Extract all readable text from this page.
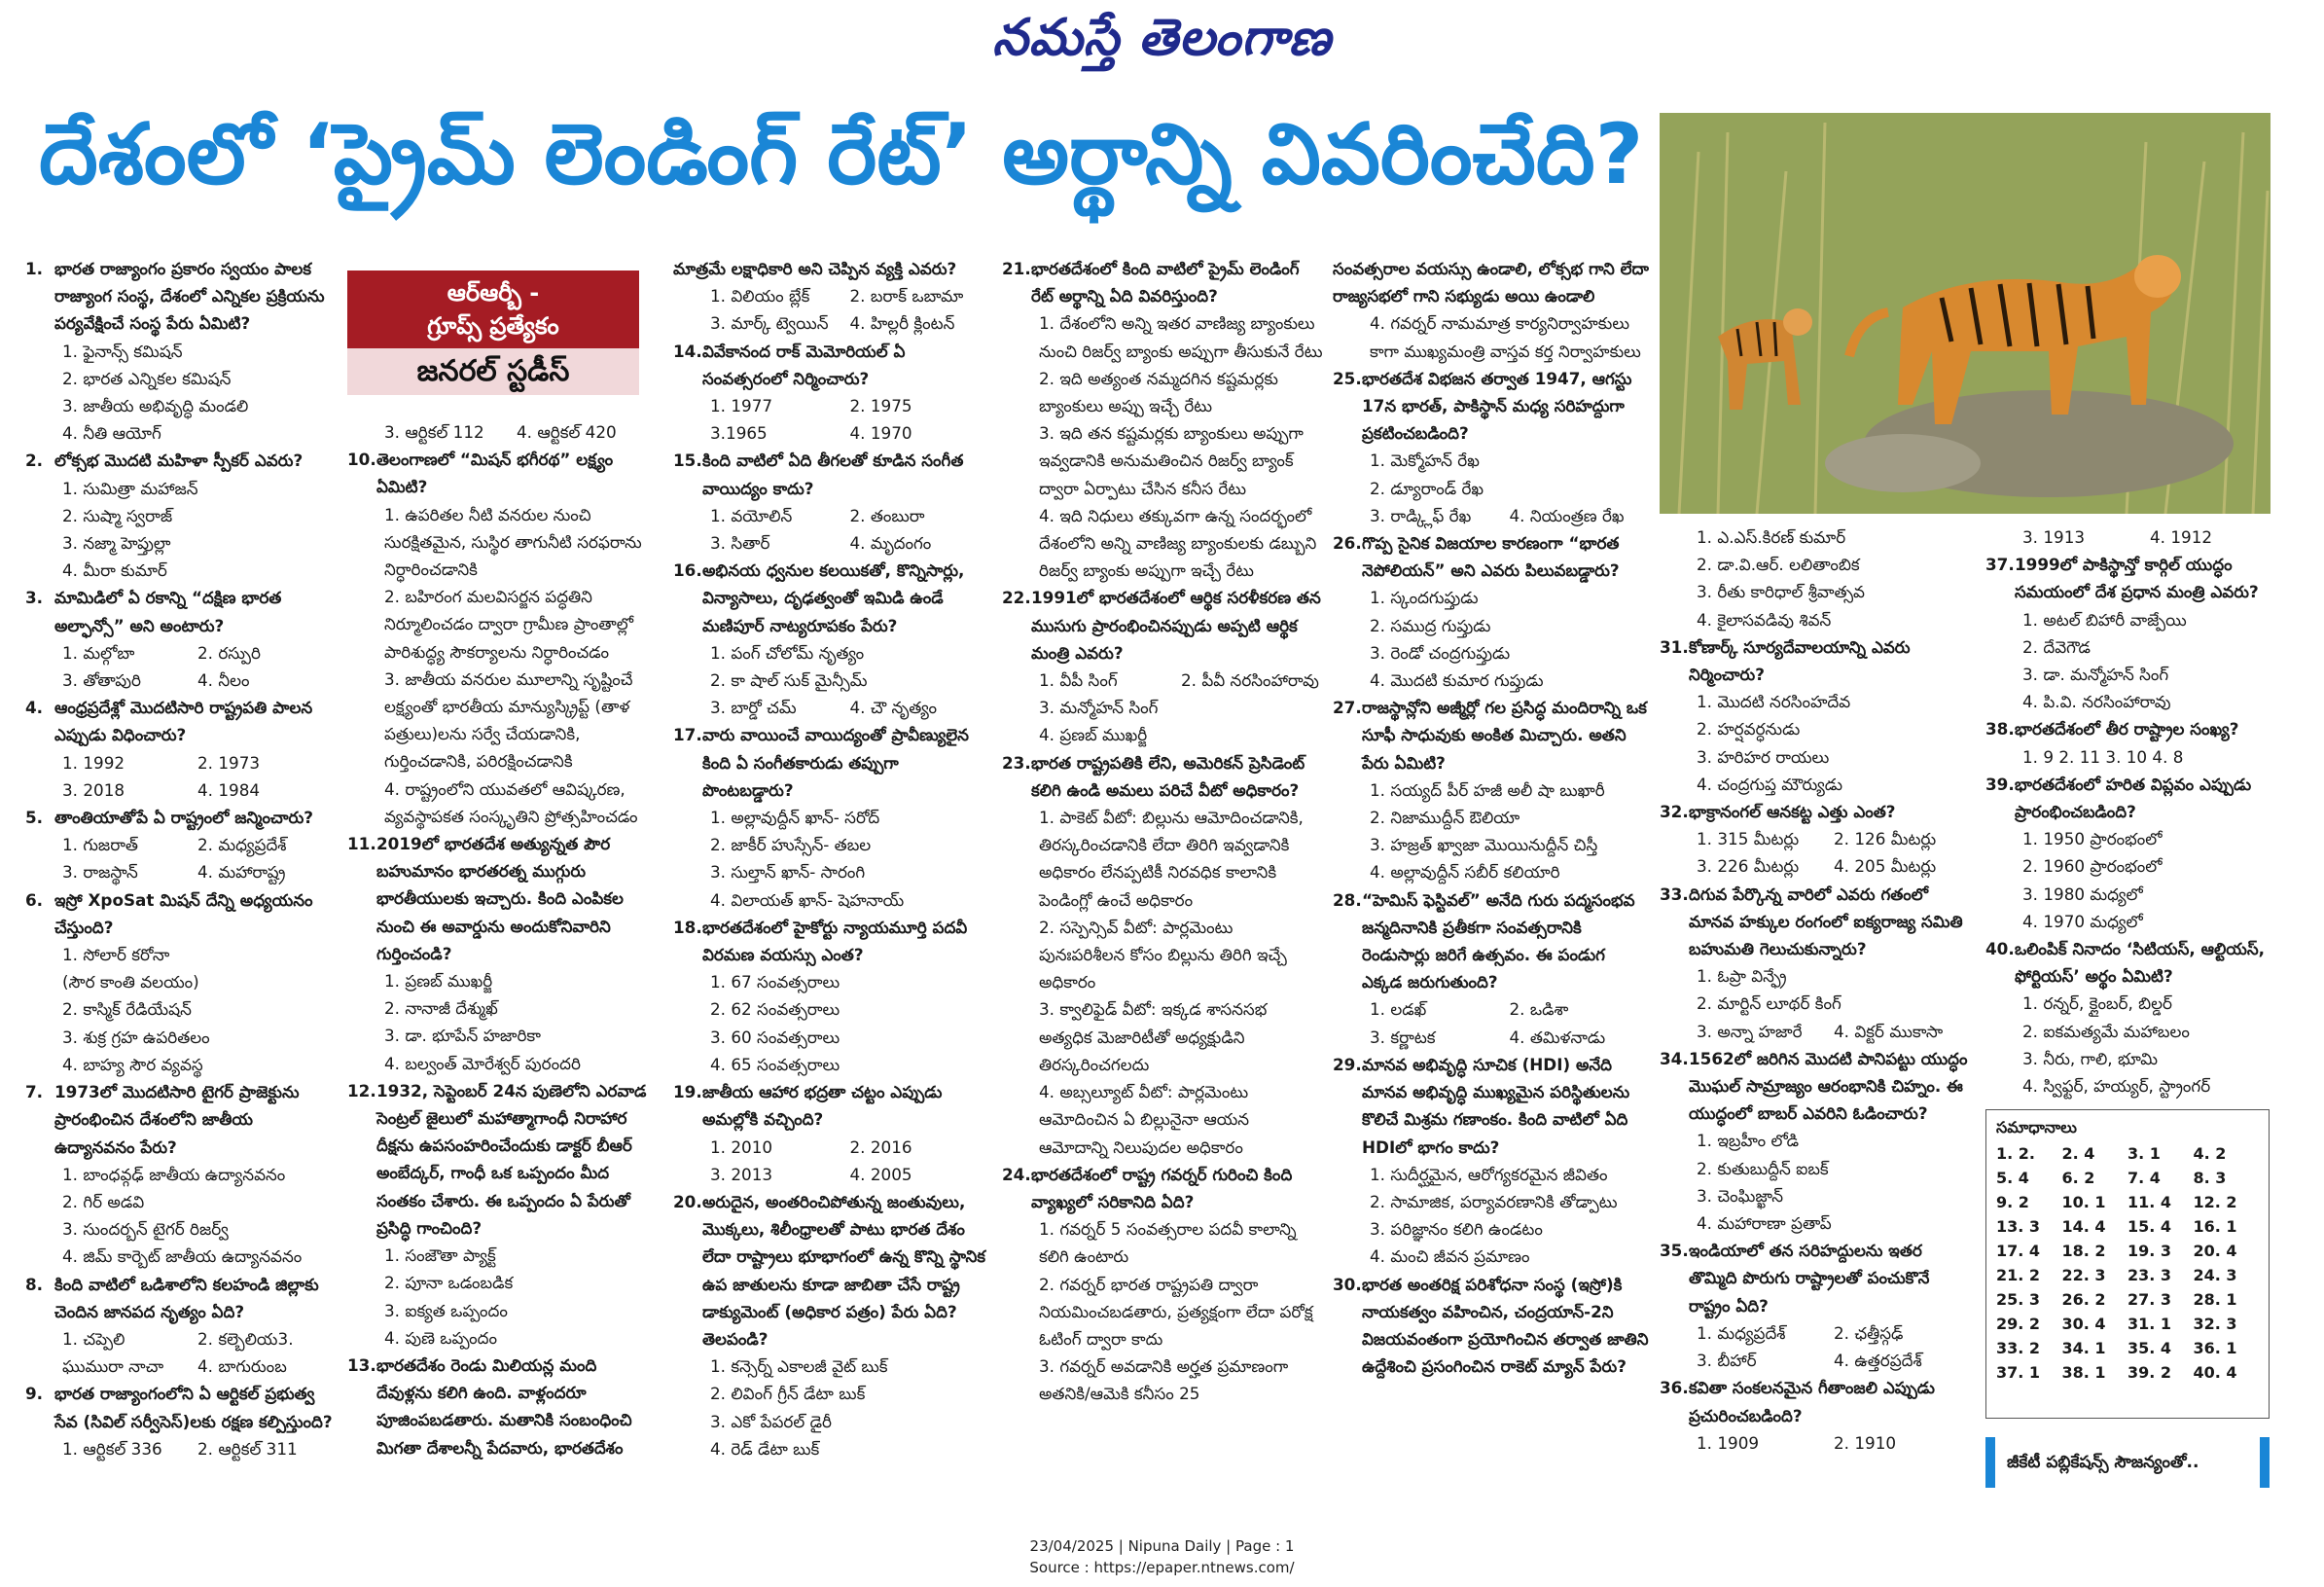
నమస్తే తెలంగాణ
దేశంలో ‘ప్రైమ్ లెండింగ్ రేట్’ అర్థాన్ని వివరించేది?

1. భారత రాజ్యాంగం ప్రకారం స్వయం పాలక రాజ్యాంగ సంస్థ, దేశంలో ఎన్నికల ప్రక్రియను పర్యవేక్షించే సంస్థ పేరు ఏమిటి?

1. ఫైనాన్స్ కమిషన్

2. భారత ఎన్నికల కమిషన్

3. జాతీయ అభివృద్ధి మండలి

4. నీతి ఆయోగ్

2. లోక్సభ మొదటి మహిళా స్పీకర్ ఎవరు?

1. సుమిత్రా మహాజన్

2. సుష్మా స్వరాజ్

3. నజ్మా హెప్తుల్లా

4. మీరా కుమార్

3. మామిడిలో ఏ రకాన్ని “దక్షిణ భారత అల్ఫాన్సో” అని అంటారు?

1. మల్గోబా	2. రస్పురి

3. తోతాపురి	4. నీలం

4. ఆంధ్రప్రదేశ్లో మొదటిసారి రాష్ట్రపతి పాలన ఎప్పుడు విధించారు?

1. 1992	2. 1973

3. 2018	4. 1984

5. తాంతియాతోపే ఏ రాష్ట్రంలో జన్మించారు?

1. గుజరాత్	2. మధ్యప్రదేశ్

3. రాజస్థాన్	4. మహారాష్ట్ర

6. ఇస్రో XpoSat మిషన్ దేన్ని అధ్యయనం చేస్తుంది?

1. సోలార్ కరోనా

(సౌర కాంతి వలయం)

2. కాస్మిక్ రేడియేషన్

3. శుక్ర గ్రహ ఉపరితలం

4. బాహ్య సౌర వ్యవస్థ

7. 1973లో మొదటిసారి టైగర్ ప్రాజెక్టును ప్రారంభించిన దేశంలోని జాతీయ ఉద్యానవనం పేరు?

1. బాంధవ్గఢ్ జాతీయ ఉద్యానవనం

2. గిర్ అడవి

3. సుందర్బన్ టైగర్ రిజర్వ్

4. జిమ్ కార్బెట్ జాతీయ ఉద్యానవనం

8. కింది వాటిలో ఒడిశాలోని కలహండి జిల్లాకు చెందిన జానపద నృత్యం ఏది?

1. చప్పెలి	2. కల్బెలియ3.

ఘుమురా నాచా	4. బాగురుంబ

9. భారత రాజ్యాంగంలోని ఏ ఆర్టికల్ ప్రభుత్వ సేవ (సివిల్ సర్వీసెస్)లకు రక్షణ కల్పిస్తుంది?

1. ఆర్టికల్ 336	2. ఆర్టికల్ 311

3. ఆర్టికల్ 112	4. ఆర్టికల్ 420

10. తెలంగాణలో “మిషన్ భగీరథ” లక్ష్యం ఏమిటి?

1. ఉపరితల నీటి వనరుల నుంచి సురక్షితమైన, సుస్థిర తాగునీటి సరఫరాను నిర్ధారించడానికి

2. బహిరంగ మలవిసర్జన పద్ధతిని నిర్మూలించడం ద్వారా గ్రామీణ ప్రాంతాల్లో పారిశుద్ధ్య సౌకర్యాలను నిర్ధారించడం

3. జాతీయ వనరుల మూలాన్ని సృష్టించే లక్ష్యంతో భారతీయ మాన్యుస్క్రిప్ట్ (తాళ పత్రులు)లను సర్వే చేయడానికి, గుర్తించడానికి, పరిరక్షించడానికి

4. రాష్ట్రంలోని యువతలో ఆవిష్కరణ, వ్యవస్థాపకత సంస్కృతిని ప్రోత్సహించడం

11. 2019లో భారతదేశ అత్యున్నత పౌర బహుమానం భారతరత్న ముగ్గురు భారతీయులకు ఇచ్చారు. కింది ఎంపికల నుంచి ఈ అవార్డును అందుకోనివారిని గుర్తించండి?

1. ప్రణబ్ ముఖర్జీ

2. నానాజీ దేశ్ముఖ్

3. డా. భూపేన్ హజారికా

4. బల్వంత్ మోరేశ్వర్ పురందరి

12. 1932, సెప్టెంబర్ 24న పుణెలోని ఎరవాడ సెంట్రల్ జైలులో మహాత్మాగాంధీ నిరాహార దీక్షను ఉపసంహరించేందుకు డాక్టర్ బీఆర్ అంబేద్కర్, గాంధీ ఒక ఒప్పందం మీద సంతకం చేశారు. ఈ ఒప్పందం ఏ పేరుతో ప్రసిద్ధి గాంచింది?

1. సంజౌతా ప్యాక్ట్

2. పూనా ఒడంబడిక

3. ఐక్యత ఒప్పందం

4. పుణె ఒప్పందం

13. భారతదేశం రెండు మిలియన్ల మంది దేవుళ్లను కలిగి ఉంది. వాళ్లందరూ పూజింపబడతారు. మతానికి సంబంధించి మిగతా దేశాలన్నీ పేదవారు, భారతదేశం

మాత్రమే లక్షాధికారి అని చెప్పిన వ్యక్తి ఎవరు?

1. విలియం బ్లేక్	2. బరాక్ ఒబామా

3. మార్క్ ట్వెయిన్	4. హిల్లరీ క్లింటన్

14. వివేకానంద రాక్ మెమోరియల్ ఏ సంవత్సరంలో నిర్మించారు?

1. 1977	2. 1975

3.1965	4. 1970

15. కింది వాటిలో ఏది తీగలతో కూడిన సంగీత వాయిద్యం కాదు?

1. వయోలిన్	2. తంబురా

3. సితార్	4. మృదంగం

16. అభినయ ధ్వనుల కలయికతో, కొన్నిసార్లు, విన్యాసాలు, దృఢత్వంతో ఇమిడి ఉండే మణిపూర్ నాట్యరూపకం పేరు?

1. పంగ్ చోలోమ్ నృత్యం

2. కా షాల్ సుక్ మైన్సీమ్

3. బార్డో చమ్	4. చౌ నృత్యం

17. వారు వాయించే వాయిద్యంతో ప్రావీణ్యులైన కింది ఏ సంగీతకారుడు తప్పుగా పొంటబడ్డారు?

1. అల్లావుద్దీన్ ఖాన్- సరోద్

2. జాకీర్ హుస్సేన్- తబల

3. సుల్తాన్ ఖాన్- సారంగి

4. విలాయత్ ఖాన్- షెహనాయ్

18. భారతదేశంలో హైకోర్టు న్యాయమూర్తి పదవీ విరమణ వయస్సు ఎంత?

1. 67 సంవత్సరాలు

2. 62 సంవత్సరాలు

3. 60 సంవత్సరాలు

4. 65 సంవత్సరాలు

19. జాతీయ ఆహార భద్రతా చట్టం ఎప్పుడు అమల్లోకి వచ్చింది?

1. 2010	2. 2016

3. 2013	4. 2005

20. అరుదైన, అంతరించిపోతున్న జంతువులు, మొక్కలు, శిలీంధ్రాలతో పాటు భారత దేశం లేదా రాష్ట్రాలు భూభాగంలో ఉన్న కొన్ని స్థానిక ఉప జాతులను కూడా జాబితా చేసే రాష్ట్ర డాక్యుమెంట్ (అధికార పత్రం) పేరు ఏది? తెలపండి?

1. కన్సెర్న్ ఎకాలజీ వైట్ బుక్

2. లివింగ్ గ్రీన్ డేటా బుక్

3. ఎకో పేపరల్ డైరీ

4. రెడ్ డేటా బుక్

21. భారతదేశంలో కింది వాటిలో ప్రైమ్ లెండింగ్ రేట్ అర్థాన్ని ఏది వివరిస్తుంది?

1. దేశంలోని అన్ని ఇతర వాణిజ్య బ్యాంకులు నుంచి రిజర్వ్ బ్యాంకు అప్పుగా తీసుకునే రేటు

2. ఇది అత్యంత నమ్మదగిన కష్టమర్లకు బ్యాంకులు అప్పు ఇచ్చే రేటు

3. ఇది తన కష్టమర్లకు బ్యాంకులు అప్పుగా ఇవ్వడానికి అనుమతించిన రిజర్వ్ బ్యాంక్ ద్వారా ఏర్పాటు చేసిన కనీస రేటు

4. ఇది నిధులు తక్కువగా ఉన్న సందర్భంలో దేశంలోని అన్ని వాణిజ్య బ్యాంకులకు డబ్బుని రిజర్వ్ బ్యాంకు అప్పుగా ఇచ్చే రేటు

22. 1991లో భారతదేశంలో ఆర్థిక సరళీకరణ తన ముసుగు ప్రారంభించినప్పుడు అప్పటి ఆర్థిక మంత్రి ఎవరు?

1. వీపీ సింగ్	2. పీవీ నరసింహారావు

3. మన్మోహన్ సింగ్

4. ప్రణబ్ ముఖర్జీ

23. భారత రాష్ట్రపతికి లేని, అమెరికన్ ప్రెసిడెంట్ కలిగి ఉండి అమలు పరిచే వీటో అధికారం?

1. పాకెట్ వీటో: బిల్లును ఆమోదించడానికి, తిరస్కరించడానికి లేదా తిరిగి ఇవ్వడానికి అధికారం లేనప్పటికీ నిరవధిక కాలానికి పెండింగ్లో ఉంచే అధికారం

2. సస్పెన్సివ్ వీటో: పార్లమెంటు పునఃపరిశీలన కోసం బిల్లును తిరిగి ఇచ్చే అధికారం

3. క్వాలిఫైడ్ వీటో: ఇక్కడ శాసనసభ అత్యధిక మెజారిటీతో అధ్యక్షుడిని తిరస్కరించగలదు

4. అబ్సల్యూట్ వీటో: పార్లమెంటు ఆమోదించిన ఏ బిల్లునైనా ఆయన ఆమోదాన్ని నిలుపుదల అధికారం

24. భారతదేశంలో రాష్ట్ర గవర్నర్ గురించి కింది వ్యాఖ్యలో సరికానిది ఏది?

1. గవర్నర్ 5 సంవత్సరాల పదవీ కాలాన్ని కలిగి ఉంటారు

2. గవర్నర్ భారత రాష్ట్రపతి ద్వారా నియమించబడతారు, ప్రత్యక్షంగా లేదా పరోక్ష ఓటింగ్ ద్వారా కాదు

3. గవర్నర్ అవడానికి అర్హత ప్రమాణంగా అతనికి/ఆమెకి కనీసం 25

సంవత్సరాల వయస్సు ఉండాలి, లోక్సభ గాని లేదా రాజ్యసభలో గాని సభ్యుడు అయి ఉండాలి

4. గవర్నర్ నామమాత్ర కార్యనిర్వాహకులు కాగా ముఖ్యమంత్రి వాస్తవ కర్త నిర్వాహకులు

25. భారతదేశ విభజన తర్వాత 1947, ఆగస్టు 17న భారత్, పాకిస్థాన్ మధ్య సరిహద్దుగా ప్రకటించబడింది?

1. మెక్మోహన్ రేఖ

2. డ్యూరాండ్ రేఖ

3. రాడ్క్లిఫ్ రేఖ	4. నియంత్రణ రేఖ

26. గొప్ప సైనిక విజయాల కారణంగా “భారత నెపోలియన్” అని ఎవరు పిలువబడ్డారు?

1. స్కందగుప్తుడు

2. సముద్ర గుప్తుడు

3. రెండో చంద్రగుప్తుడు

4. మొదటి కుమార గుప్తుడు

27. రాజస్థాన్లోని అజ్మీర్లో గల ప్రసిద్ధ మందిరాన్ని ఒక సూఫీ సాధువుకు అంకిత మిచ్చారు. అతని పేరు ఏమిటి?

1. సయ్యద్ పీర్ హజీ అలీ షా బుఖారీ

2. నిజాముద్దీన్ ఔలియా

3. హజ్రత్ ఖ్వాజా మొయినుద్దీన్ చిస్తీ

4. అల్లావుద్దీన్ సబీర్ కలియారి

28. “హెమిస్ ఫెస్టివల్” అనేది గురు పద్మసంభవ జన్మదినానికి ప్రతీకగా సంవత్సరానికి రెండుసార్లు జరిగే ఉత్సవం. ఈ పండుగ ఎక్కడ జరుగుతుంది?

1. లడఖ్	2. ఒడిశా

3. కర్ణాటక	4. తమిళనాడు

29. మానవ అభివృద్ధి సూచిక (HDI) అనేది మానవ అభివృద్ధి ముఖ్యమైన పరిస్థితులను కొలిచే మిశ్రమ గణాంకం. కింది వాటిలో ఏది HDIలో భాగం కాదు?

1. సుదీర్ఘమైన, ఆరోగ్యకరమైన జీవితం

2. సామాజిక, పర్యావరణానికి తోడ్పాటు

3. పరిజ్ఞానం కలిగి ఉండటం

4. మంచి జీవన ప్రమాణం

30. భారత అంతరిక్ష పరిశోధనా సంస్థ (ఇస్రో)కి నాయకత్వం వహించిన, చంద్రయాన్-2ని విజయవంతంగా ప్రయోగించిన తర్వాత జాతిని ఉద్దేశించి ప్రసంగించిన రాకెట్ మ్యాన్ పేరు?

1. ఎ.ఎస్.కిరణ్ కుమార్

2. డా.వి.ఆర్. లలితాంబిక

3. రీతు కారిధాల్ శ్రీవాత్సవ

4. కైలాసవడివు శివన్

31. కోణార్క్ సూర్యదేవాలయాన్ని ఎవరు నిర్మించారు?

1. మొదటి నరసింహదేవ

2. హర్షవర్ధనుడు

3. హరిహర రాయలు

4. చంద్రగుప్త మౌర్యుడు

32. భాక్రానంగల్ ఆనకట్ట ఎత్తు ఎంత?

1. 315 మీటర్లు	2. 126 మీటర్లు

3. 226 మీటర్లు	4. 205 మీటర్లు

33. దిగువ పేర్కొన్న వారిలో ఎవరు గతంలో మానవ హక్కుల రంగంలో ఐక్యరాజ్య సమితి బహుమతి గెలుచుకున్నారు?

1. ఓప్రా విన్ఫ్రే

2. మార్టిన్ లూథర్ కింగ్

3. అన్నా హజారే	4. విక్టర్ ముకాసా

34. 1562లో జరిగిన మొదటి పానిపట్టు యుద్ధం మొఘల్ సామ్రాజ్యం ఆరంభానికి చిహ్నం. ఈ యుద్ధంలో బాబర్ ఎవరిని ఓడించారు?

1. ఇబ్రహీం లోడి

2. కుతుబుద్దీన్ ఐబక్

3. చెంఘిజ్ఖాన్

4. మహారాణా ప్రతాప్

35. ఇండియాలో తన సరిహద్దులను ఇతర తొమ్మిది పొరుగు రాష్ట్రాలతో పంచుకొనే రాష్ట్రం ఏది?

1. మధ్యప్రదేశ్	2. ఛత్తీస్గఢ్

3. బీహార్	4. ఉత్తరప్రదేశ్

36. కవితా సంకలనమైన గీతాంజలి ఎప్పుడు ప్రచురించబడింది?

1. 1909	2. 1910

3. 1913	4. 1912

37. 1999లో పాకిస్థాన్తో కార్గిల్ యుద్ధం సమయంలో దేశ ప్రధాన మంత్రి ఎవరు?

1. అటల్ బిహారీ వాజ్పేయి

2. దేవెగౌడ

3. డా. మన్మోహన్ సింగ్

4. పి.వి. నరసింహారావు

38. భారతదేశంలో తీర రాష్ట్రాల సంఖ్య?

1. 9 2. 11 3. 10 4. 8

39. భారతదేశంలో హరిత విప్లవం ఎప్పుడు ప్రారంభించబడింది?

1. 1950 ప్రారంభంలో

2. 1960 ప్రారంభంలో

3. 1980 మధ్యలో

4. 1970 మధ్యలో

40. ఒలింపిక్ నినాదం ‘సిటియస్, ఆల్టియస్, ఫోర్టియస్’ అర్థం ఏమిటి?

1. రన్నర్, క్లైంబర్, బిల్డర్

2. ఐకమత్యమే మహాబలం

3. నీరు, గాలి, భూమి

4. స్విఫ్టర్, హయ్యర్, స్ట్రాంగర్

ఆర్ఆర్బీ -
గ్రూప్స్ ప్రత్యేకం
జనరల్ స్టడీస్
సమాధానాలు
1. 2.	2. 4	3. 1	4. 2
5. 4	6. 2	7. 4	8. 3
9. 2	10. 1	11. 4	12. 2
13. 3	14. 4	15. 4	16. 1
17. 4	18. 2	19. 3	20. 4
21. 2	22. 3	23. 3	24. 3
25. 3	26. 2	27. 3	28. 1
29. 2	30. 4	31. 1	32. 3
33. 2	34. 1	35. 4	36. 1
37. 1	38. 1	39. 2	40. 4
జీకేటీ పబ్లికేషన్స్ సౌజన్యంతో..
23/04/2025 | Nipuna Daily | Page : 1
Source : https://epaper.ntnews.com/
